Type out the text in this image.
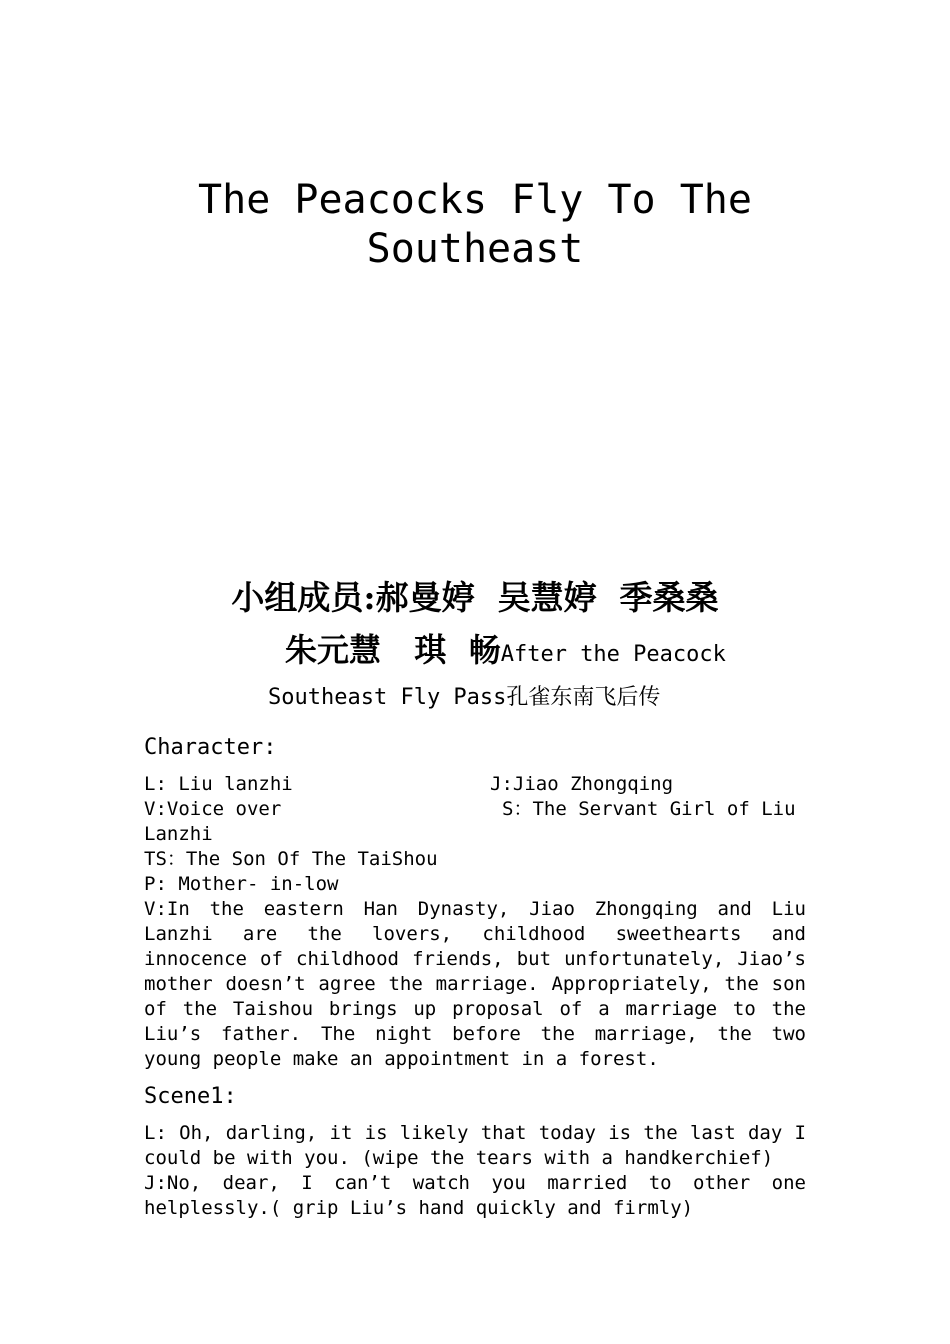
The Peacocks Fly To The
Southeast
小组成员:郝曼婷  吴慧婷  季桑桑
朱元慧   琪  畅After the Peacock
Southeast Fly Pass孔雀东南飞后传
Character:
L: Liu lanzhi	J:Jiao Zhongqing
V:Voice over	S：The Servant Girl of Liu
Lanzhi
TS：The Son Of The TaiShou
P: Mother- in-low

V:In the eastern Han Dynasty, Jiao Zhongqing and Liu Lanzhi are the lovers, childhood sweethearts and innocence of childhood friends, but unfortunately, Jiao’s mother doesn’t agree the marriage. Appropriately, the son of the Taishou brings up proposal of a marriage to the Liu’s father. The night before the marriage, the two young people make an appointment in a forest.

Scene1:

L: Oh, darling, it is likely that today is the last day I could be with you. (wipe the tears with a handkerchief)

J:No, dear, I can’t watch you married to other one helplessly.( grip Liu’s hand quickly and firmly)
